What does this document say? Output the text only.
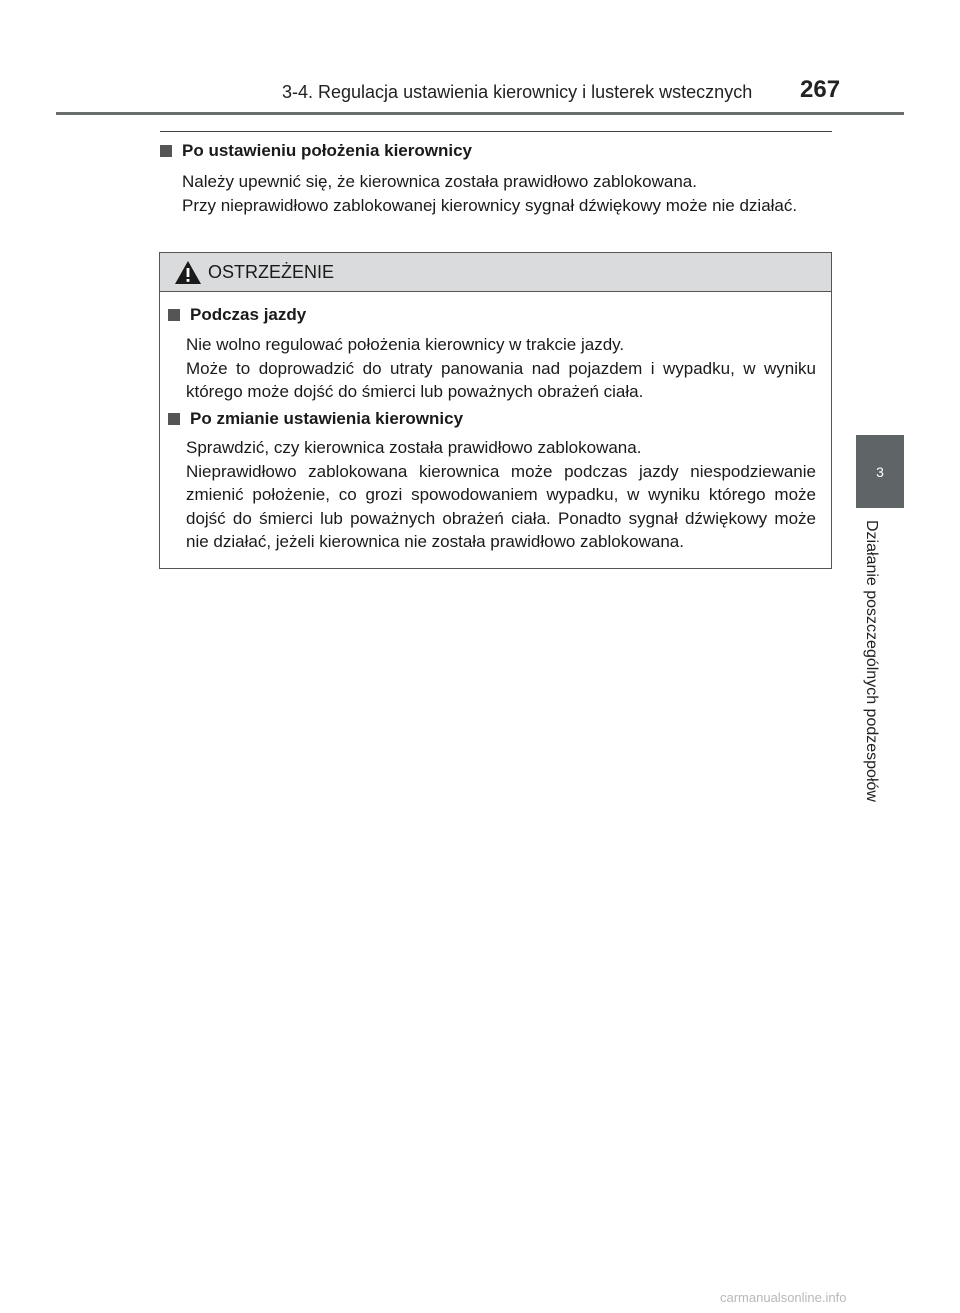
3-4. Regulacja ustawienia kierownicy i lusterek wstecznych 267
Po ustawieniu położenia kierownicy

Należy upewnić się, że kierownica została prawidłowo zablokowana.

Przy nieprawidłowo zablokowanej kierownicy sygnał dźwiękowy może nie działać.

OSTRZEŻENIE
Podczas jazdy

Nie wolno regulować położenia kierownicy w trakcie jazdy.

Może to doprowadzić do utraty panowania nad pojazdem i wypadku, w wyniku którego może dojść do śmierci lub poważnych obrażeń ciała.

Po zmianie ustawienia kierownicy

Sprawdzić, czy kierownica została prawidłowo zablokowana.

Nieprawidłowo zablokowana kierownica może podczas jazdy niespodziewanie zmienić położenie, co grozi spowodowaniem wypadku, w wyniku którego może dojść do śmierci lub poważnych obrażeń ciała. Ponadto sygnał dźwiękowy może nie działać, jeżeli kierownica nie została prawidłowo zablokowana.

3
Działanie poszczególnych podzespołów
carmanualsonline.info
